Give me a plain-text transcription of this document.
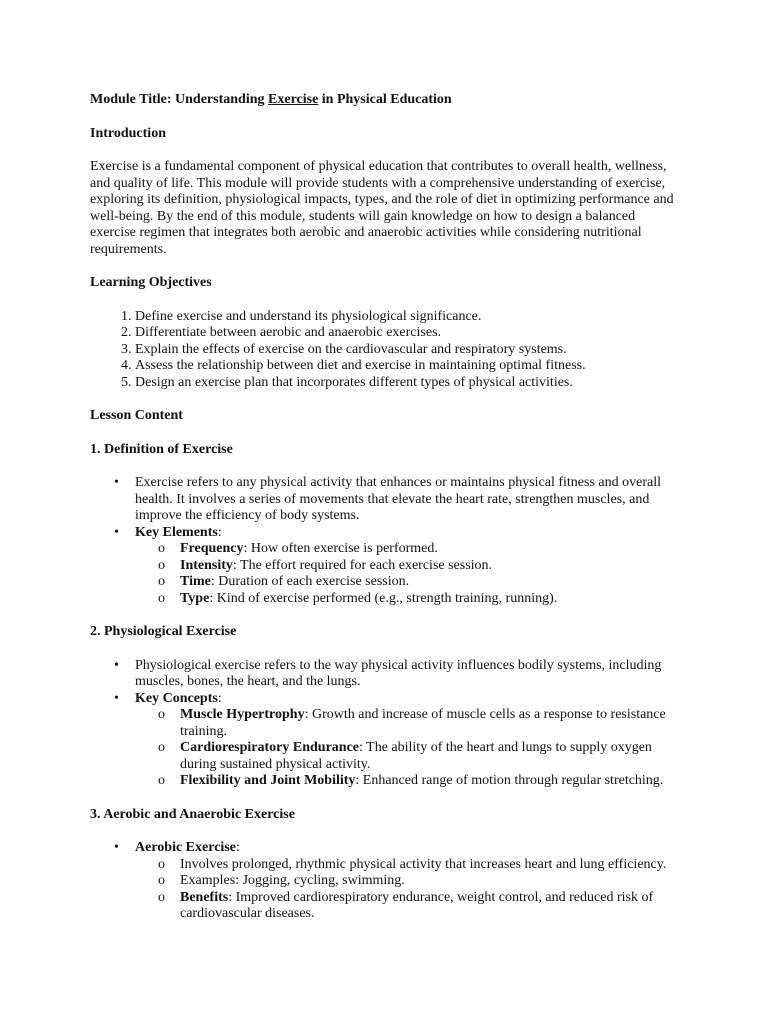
Module Title: Understanding Exercise in Physical Education

Introduction

Exercise is a fundamental component of physical education that contributes to overall health, wellness, and quality of life. This module will provide students with a comprehensive understanding of exercise, exploring its definition, physiological impacts, types, and the role of diet in optimizing performance and well-being. By the end of this module, students will gain knowledge on how to design a balanced exercise regimen that integrates both aerobic and anaerobic activities while considering nutritional requirements.

Learning Objectives

1. Define exercise and understand its physiological significance.
2. Differentiate between aerobic and anaerobic exercises.
3. Explain the effects of exercise on the cardiovascular and respiratory systems.
4. Assess the relationship between diet and exercise in maintaining optimal fitness.
5. Design an exercise plan that incorporates different types of physical activities.

Lesson Content

1. Definition of Exercise

• Exercise refers to any physical activity that enhances or maintains physical fitness and overall health. It involves a series of movements that elevate the heart rate, strengthen muscles, and improve the efficiency of body systems.
• Key Elements:
o Frequency: How often exercise is performed.
o Intensity: The effort required for each exercise session.
o Time: Duration of each exercise session.
o Type: Kind of exercise performed (e.g., strength training, running).

2. Physiological Exercise

• Physiological exercise refers to the way physical activity influences bodily systems, including muscles, bones, the heart, and the lungs.
• Key Concepts:
o Muscle Hypertrophy: Growth and increase of muscle cells as a response to resistance training.
o Cardiorespiratory Endurance: The ability of the heart and lungs to supply oxygen during sustained physical activity.
o Flexibility and Joint Mobility: Enhanced range of motion through regular stretching.

3. Aerobic and Anaerobic Exercise

• Aerobic Exercise:
o Involves prolonged, rhythmic physical activity that increases heart and lung efficiency.
o Examples: Jogging, cycling, swimming.
o Benefits: Improved cardiorespiratory endurance, weight control, and reduced risk of cardiovascular diseases.
